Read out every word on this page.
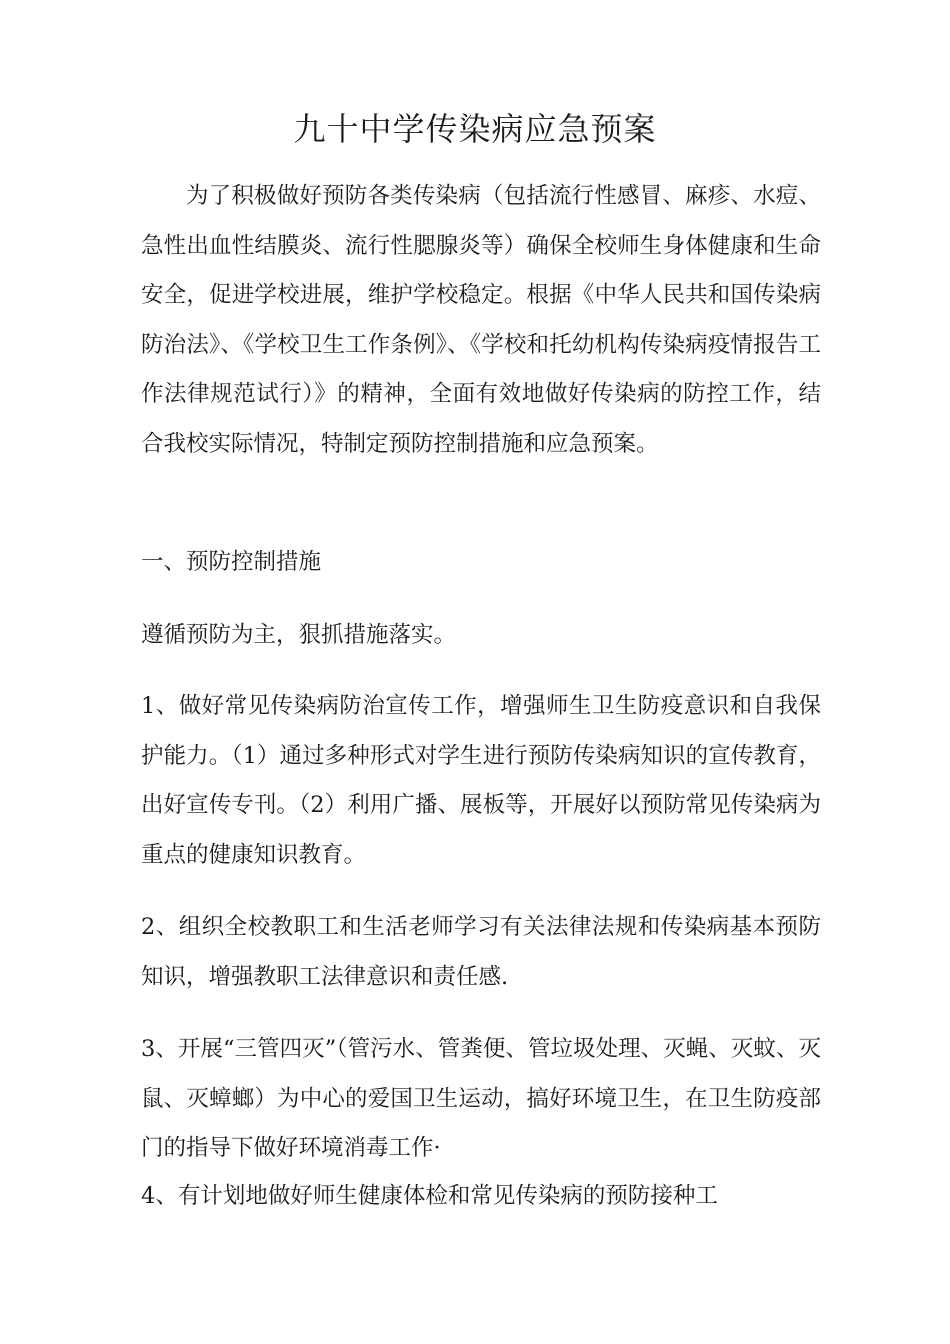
九十中学传染病应急预案

为了积极做好预防各类传染病（包括流行性感冒、麻疹、水痘、急性出血性结膜炎、流行性腮腺炎等）确保全校师生身体健康和生命安全，促进学校进展，维护学校稳定。根据《中华人民共和国传染病防治法》、《学校卫生工作条例》、《学校和托幼机构传染病疫情报告工作法律规范试行）》的精神，全面有效地做好传染病的防控工作，结合我校实际情况，特制定预防控制措施和应急预案。

一、预防控制措施

遵循预防为主，狠抓措施落实。

1、做好常见传染病防治宣传工作，增强师生卫生防疫意识和自我保护能力。（1）通过多种形式对学生进行预防传染病知识的宣传教育，出好宣传专刊。（2）利用广播、展板等，开展好以预防常见传染病为重点的健康知识教育。

2、组织全校教职工和生活老师学习有关法律法规和传染病基本预防知识，增强教职工法律意识和责任感.

3、开展“三管四灭”（管污水、管粪便、管垃圾处理、灭蝇、灭蚊、灭鼠、灭蟑螂）为中心的爱国卫生运动，搞好环境卫生，在卫生防疫部门的指导下做好环境消毒工作·

4、有计划地做好师生健康体检和常见传染病的预防接种工
